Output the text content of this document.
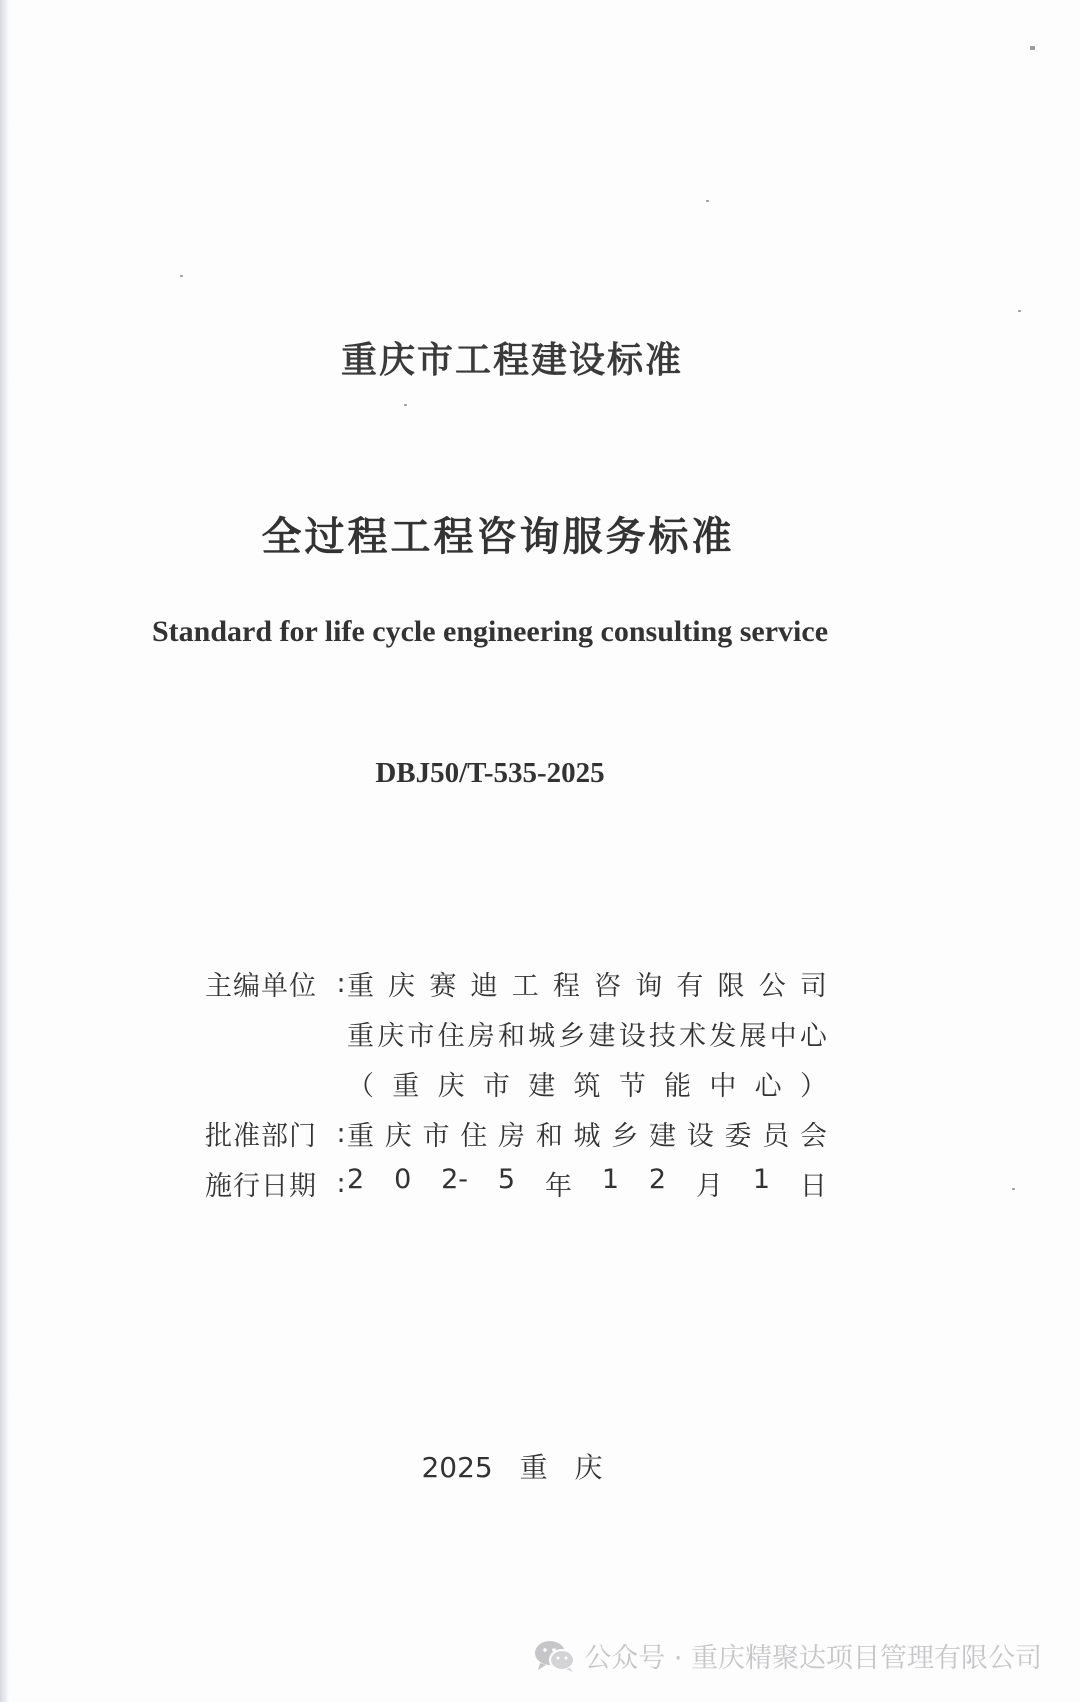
重庆市工程建设标准
全过程工程咨询服务标准
Standard for life cycle engineering consulting service
DBJ50/T-535-2025
主编单位 : 重 庆 赛 迪 工 程 咨 询 有 限 公 司
重 庆 市 住 房 和 城 乡 建 设 技 术 发 展 中 心
（ 重 庆 市 建 筑 节 能 中 心 ）
批准部门 : 重 庆 市 住 房 和 城 乡 建 设 委 员 会
施行日期 : 2 0 2- 5 年 1 2 月 1 日
2025 重 庆
公众号 · 重庆精聚达项目管理有限公司
